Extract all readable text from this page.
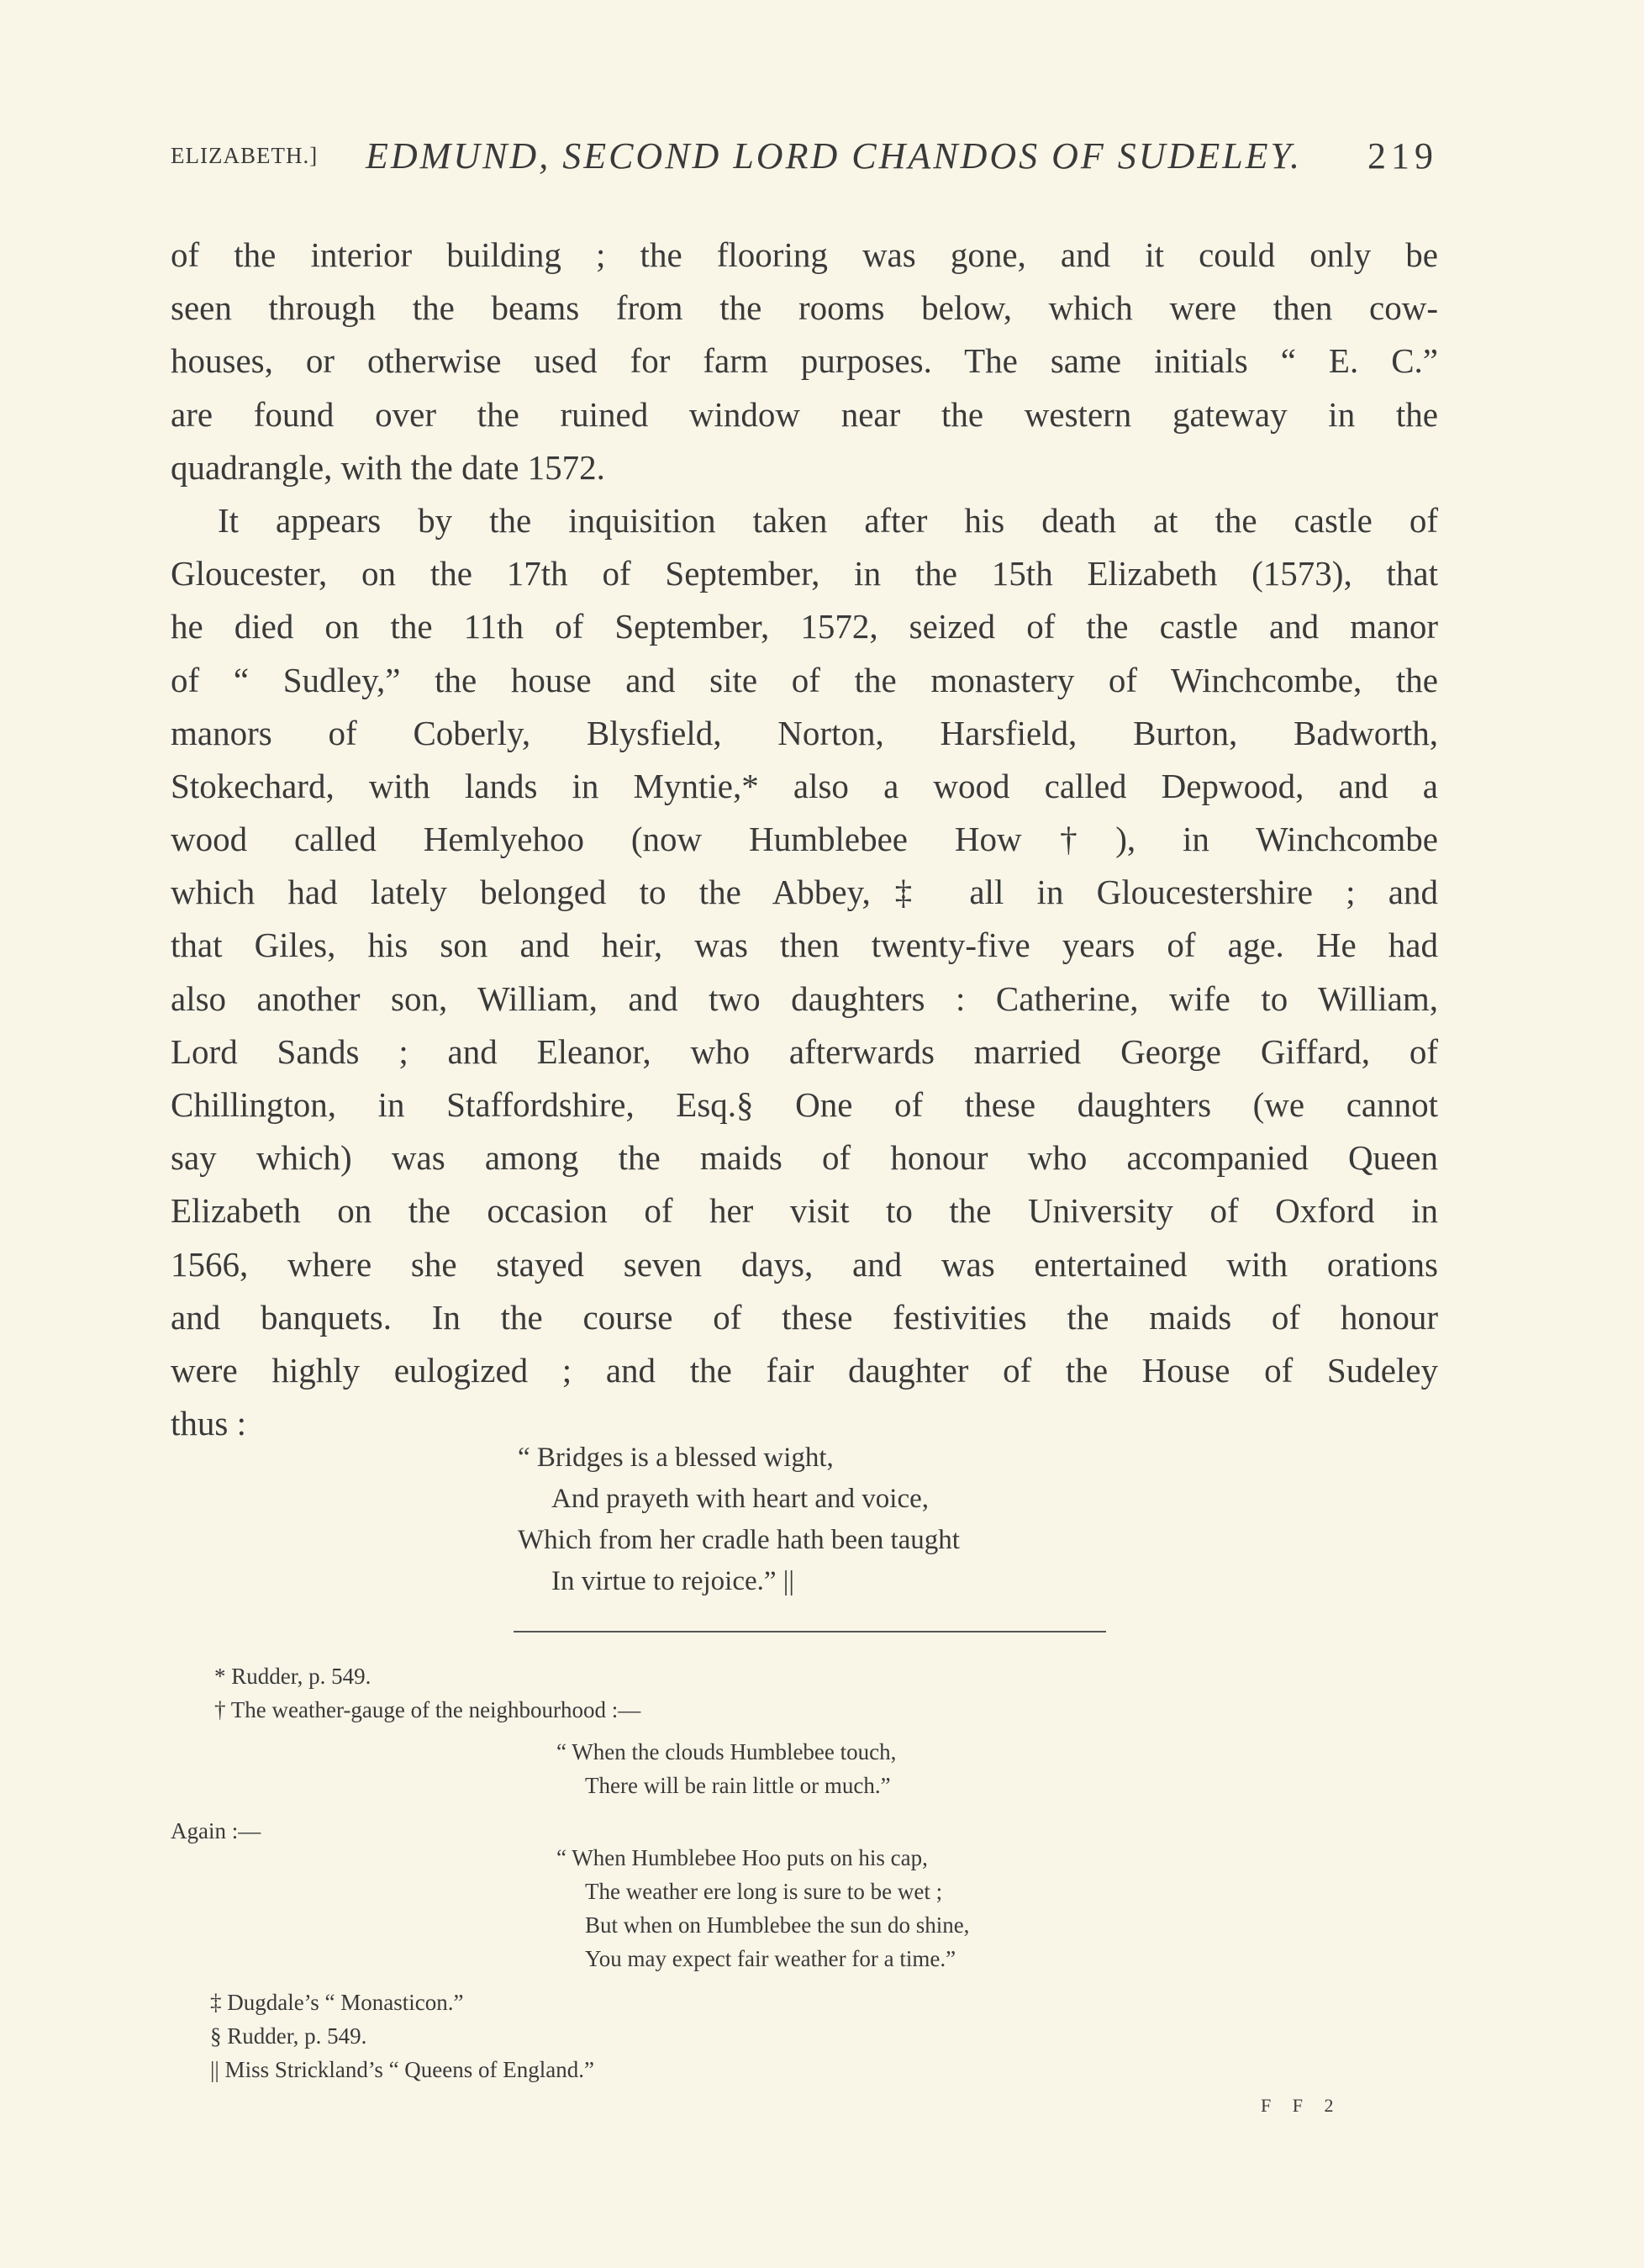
ELIZABETH.] EDMUND, SECOND LORD CHANDOS OF SUDELEY. 219
of the interior building ; the flooring was gone, and it could only be
seen through the beams from the rooms below, which were then cow-
houses, or otherwise used for farm purposes. The same initials “ E. C.”
are found over the ruined window near the western gateway in the
quadrangle, with the date 1572.
It appears by the inquisition taken after his death at the castle of
Gloucester, on the 17th of September, in the 15th Elizabeth (1573), that
he died on the 11th of September, 1572, seized of the castle and manor
of “ Sudley,” the house and site of the monastery of Winchcombe, the
manors of Coberly, Blysfield, Norton, Harsfield, Burton, Badworth,
Stokechard, with lands in Myntie,* also a wood called Depwood, and a
wood called Hemlyehoo (now Humblebee How†), in Winchcombe
which had lately belonged to the Abbey,‡ all in Gloucestershire ; and
that Giles, his son and heir, was then twenty-five years of age. He had
also another son, William, and two daughters : Catherine, wife to William,
Lord Sands ; and Eleanor, who afterwards married George Giffard, of
Chillington, in Staffordshire, Esq.§ One of these daughters (we cannot
say which) was among the maids of honour who accompanied Queen
Elizabeth on the occasion of her visit to the University of Oxford in
1566, where she stayed seven days, and was entertained with orations
and banquets. In the course of these festivities the maids of honour
were highly eulogized ; and the fair daughter of the House of Sudeley
thus :
“ Bridges is a blessed wight,
And prayeth with heart and voice,
Which from her cradle hath been taught
In virtue to rejoice.” ||
* Rudder, p. 549.
† The weather-gauge of the neighbourhood :—
“ When the clouds Humblebee touch,
There will be rain little or much.”
Again :—
“ When Humblebee Hoo puts on his cap,
The weather ere long is sure to be wet ;
But when on Humblebee the sun do shine,
You may expect fair weather for a time.”
‡ Dugdale’s “ Monasticon.”
§ Rudder, p. 549.
|| Miss Strickland’s “ Queens of England.”
F F 2
